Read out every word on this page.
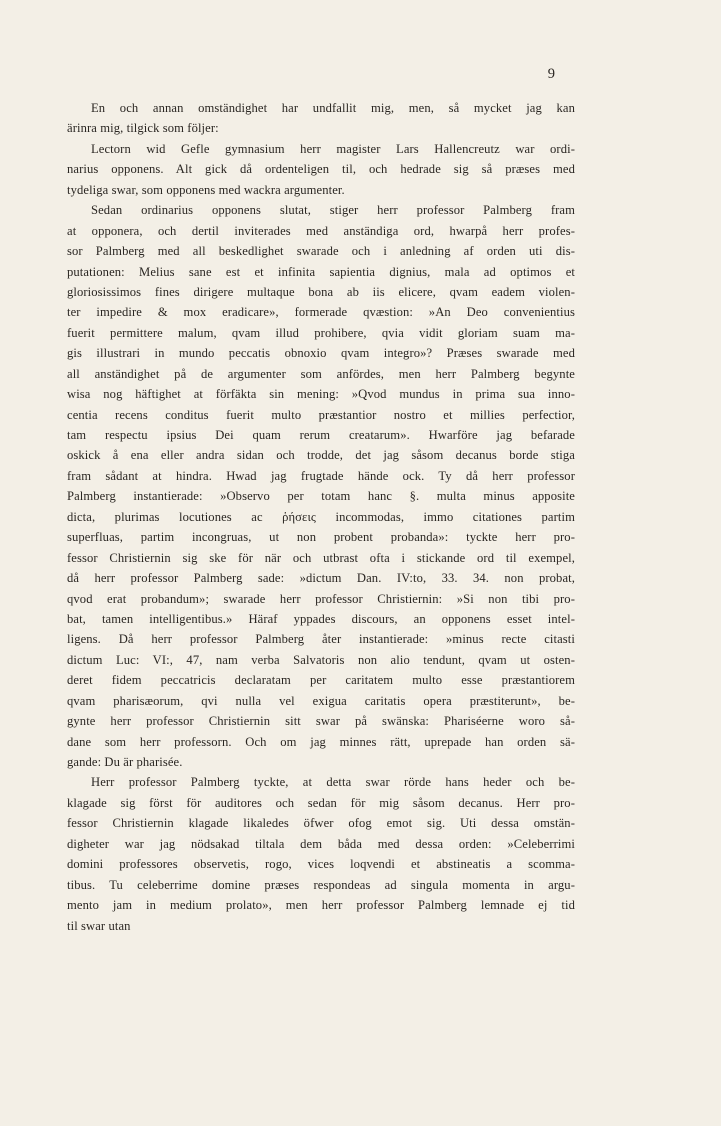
9
En och annan omständighet har undfallit mig, men, så mycket jag kan
ärinra mig, tilgick som följer:
Lectorn wid Gefle gymnasium herr magister Lars Hallencreutz war ordi-
narius opponens. Alt gick då ordenteligen til, och hedrade sig så præses med
tydeliga swar, som opponens med wackra argumenter.
Sedan ordinarius opponens slutat, stiger herr professor Palmberg fram
at opponera, och dertil inviterades med anständiga ord, hwarpå herr profes-
sor Palmberg med all beskedlighet swarade och i anledning af orden uti dis-
putationen: Melius sane est et infinita sapientia dignius, mala ad optimos et
gloriosissimos fines dirigere multaque bona ab iis elicere, qvam eadem violen-
ter impedire & mox eradicare», formerade qvæstion: »An Deo convenientius
fuerit permittere malum, qvam illud prohibere, qvia vidit gloriam suam ma-
gis illustrari in mundo peccatis obnoxio qvam integro»? Præses swarade med
all anständighet på de argumenter som anfördes, men herr Palmberg begynte
wisa nog häftighet at förfäkta sin mening: »Qvod mundus in prima sua inno-
centia recens conditus fuerit multo præstantior nostro et millies perfectior,
tam respectu ipsius Dei quam rerum creatarum». Hwarföre jag befarade
oskick å ena eller andra sidan och trodde, det jag såsom decanus borde stiga
fram sådant at hindra. Hwad jag frugtade hände ock. Ty då herr professor
Palmberg instantierade: »Observo per totam hanc §. multa minus apposite
dicta, plurimas locutiones ac ῥήσεις incommodas, immo citationes partim
superfluas, partim incongruas, ut non probent probanda»: tyckte herr pro-
fessor Christiernin sig ske för när och utbrast ofta i stickande ord til exempel,
då herr professor Palmberg sade: »dictum Dan. IV:to, 33. 34. non probat,
qvod erat probandum»; swarade herr professor Christiernin: »Si non tibi pro-
bat, tamen intelligentibus.» Häraf yppades discours, an opponens esset intel-
ligens. Då herr professor Palmberg åter instantierade: »minus recte citasti
dictum Luc: VI:, 47, nam verba Salvatoris non alio tendunt, qvam ut osten-
deret fidem peccatricis declaratam per caritatem multo esse præstantiorem
qvam pharisæorum, qvi nulla vel exigua caritatis opera præstiterunt», be-
gynte herr professor Christiernin sitt swar på swänska: Phariséerne woro så-
dane som herr professorn. Och om jag minnes rätt, uprepade han orden sä-
gande: Du är pharisée.
Herr professor Palmberg tyckte, at detta swar rörde hans heder och be-
klagade sig först för auditores och sedan för mig såsom decanus. Herr pro-
fessor Christiernin klagade likaledes öfwer ofog emot sig. Uti dessa omstän-
digheter war jag nödsakad tiltala dem båda med dessa orden: »Celeberrimi
domini professores observetis, rogo, vices loqvendi et abstineatis a scomma-
tibus. Tu celeberrime domine præses respondeas ad singula momenta in argu-
mento jam in medium prolato», men herr professor Palmberg lemnade ej tid
til swar utan
